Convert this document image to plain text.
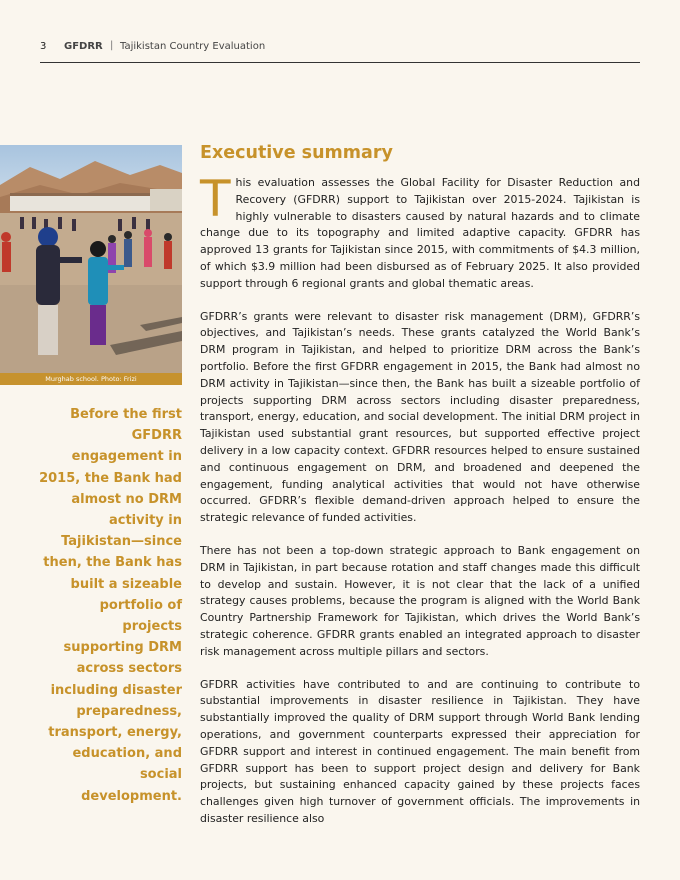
3 GFDRR | Tajikistan Country Evaluation
Murghab school. Photo: Frizi
Before the first GFDRR engagement in 2015, the Bank had almost no DRM activity in Tajikistan—since then, the Bank has built a sizeable portfolio of projects supporting DRM across sectors including disaster preparedness, transport, energy, education, and social development.
Executive summary

This evaluation assesses the Global Facility for Disaster Reduction and Recovery (GFDRR) support to Tajikistan over 2015-2024. Tajikistan is highly vulnerable to disasters caused by natural hazards and to climate change due to its topography and limited adaptive capacity. GFDRR has approved 13 grants for Tajikistan since 2015, with commitments of $4.3 million, of which $3.9 million had been disbursed as of February 2025. It also provided support through 6 regional grants and global thematic areas.

GFDRR’s grants were relevant to disaster risk management (DRM), GFDRR’s objectives, and Tajikistan’s needs. These grants catalyzed the World Bank’s DRM program in Tajikistan, and helped to prioritize DRM across the Bank’s portfolio. Before the first GFDRR engagement in 2015, the Bank had almost no DRM activity in Tajikistan—since then, the Bank has built a sizeable portfolio of projects supporting DRM across sectors including disaster preparedness, transport, energy, education, and social development. The initial DRM project in Tajikistan used substantial grant resources, but supported effective project delivery in a low capacity context. GFDRR resources helped to ensure sustained and continuous engagement on DRM, and broadened and deepened the engagement, funding analytical activities that would not have otherwise occurred. GFDRR’s flexible demand-driven approach helped to ensure the strategic relevance of funded activities.

There has not been a top-down strategic approach to Bank engagement on DRM in Tajikistan, in part because rotation and staff changes made this difficult to develop and sustain. However, it is not clear that the lack of a unified strategy causes problems, because the program is aligned with the World Bank Country Partnership Framework for Tajikistan, which drives the World Bank’s strategic coherence. GFDRR grants enabled an integrated approach to disaster risk management across multiple pillars and sectors.

GFDRR activities have contributed to and are continuing to contribute to substantial improvements in disaster resilience in Tajikistan. They have substantially improved the quality of DRM support through World Bank lending operations, and government counterparts expressed their appreciation for GFDRR support and interest in continued engagement. The main benefit from GFDRR support has been to support project design and delivery for Bank projects, but sustaining enhanced capacity gained by these projects faces challenges given high turnover of government officials. The improvements in disaster resilience also
